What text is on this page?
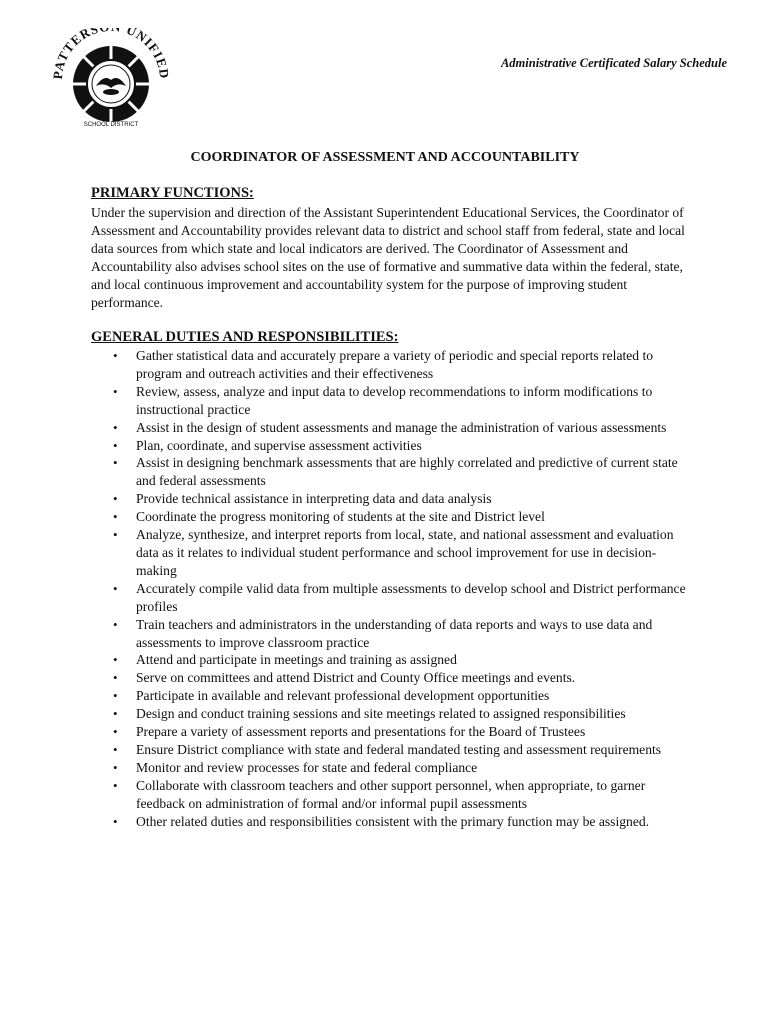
ATTERS UNIFIE
SCHOOL DISTRICT
Administrative Certificated Salary Schedule
COORDINATOR OF ASSESSMENT AND ACCOUNTABILITY
PRIMARY FUNCTIONS:

Under the supervision and direction of the Assistant Superintendent Educational Services, the Coordinator of Assessment and Accountability provides relevant data to district and school staff from federal, state and local data sources from which state and local indicators are derived. The Coordinator of Assessment and Accountability also advises school sites on the use of formative and summative data within the federal, state, and local continuous improvement and accountability system for the purpose of improving student performance.

GENERAL DUTIES AND RESPONSIBILITIES:
• Gather statistical data and accurately prepare a variety of periodic and special reports related to program and outreach activities and their effectiveness
• Review, assess, analyze and input data to develop recommendations to inform modifications to instructional practice
• Assist in the design of student assessments and manage the administration of various assessments
• Plan, coordinate, and supervise assessment activities
• Assist in designing benchmark assessments that are highly correlated and predictive of current state and federal assessments
• Provide technical assistance in interpreting data and data analysis
• Coordinate the progress monitoring of students at the site and District level
• Analyze, synthesize, and interpret reports from local, state, and national assessment and evaluation data as it relates to individual student performance and school improvement for use in decision-making
• Accurately compile valid data from multiple assessments to develop school and District performance profiles
• Train teachers and administrators in the understanding of data reports and ways to use data and assessments to improve classroom practice
• Attend and participate in meetings and training as assigned
• Serve on committees and attend District and County Office meetings and events.
• Participate in available and relevant professional development opportunities
• Design and conduct training sessions and site meetings related to assigned responsibilities
• Prepare a variety of assessment reports and presentations for the Board of Trustees
• Ensure District compliance with state and federal mandated testing and assessment requirements
• Monitor and review processes for state and federal compliance
• Collaborate with classroom teachers and other support personnel, when appropriate, to garner feedback on administration of formal and/or informal pupil assessments
• Other related duties and responsibilities consistent with the primary function may be assigned.
